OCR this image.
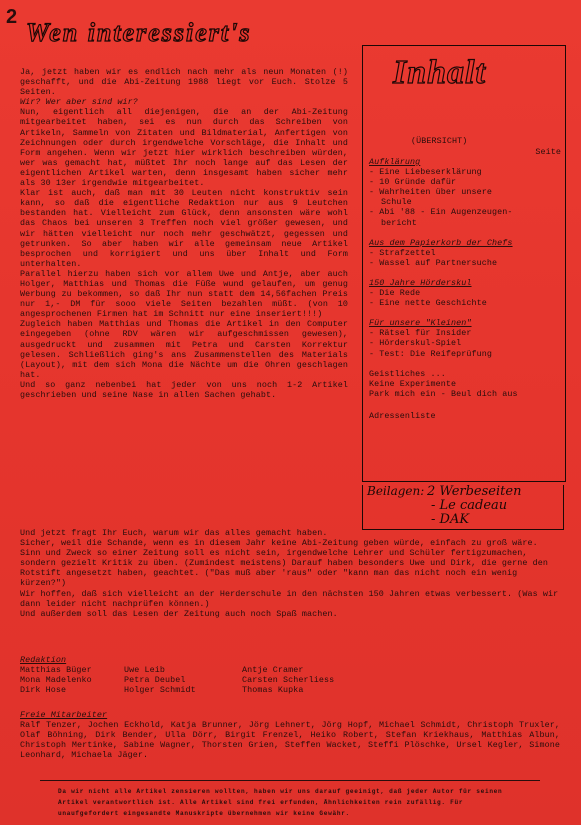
2
Wen interessiert's

Ja, jetzt haben wir es endlich nach mehr als neun Monaten (!) geschafft, und die Abi-Zeitung 1988 liegt vor Euch. Stolze 5 Seiten.

Wir? Wer aber sind wir?

Nun, eigentlich all diejenigen, die an der Abi-Zeitung mitgearbeitet haben, sei es nun durch das Schreiben von Artikeln, Sammeln von Zitaten und Bildmaterial, Anfertigen von Zeichnungen oder durch irgendwelche Vorschläge, die Inhalt und Form angehen. Wenn wir jetzt hier wirklich beschreiben würden, wer was gemacht hat, müßtet Ihr noch lange auf das Lesen der eigentlichen Artikel warten, denn insgesamt haben sicher mehr als 30 13er irgendwie mitgearbeitet.

Klar ist auch, daß man mit 30 Leuten nicht konstruktiv sein kann, so daß die eigentliche Redaktion nur aus 9 Leutchen bestanden hat. Vielleicht zum Glück, denn ansonsten wäre wohl das Chaos bei unseren 3 Treffen noch viel größer gewesen, und wir hätten vielleicht nur noch mehr geschwätzt, gegessen und getrunken. So aber haben wir alle gemeinsam neue Artikel besprochen und korrigiert und uns über Inhalt und Form unterhalten.

Parallel hierzu haben sich vor allem Uwe und Antje, aber auch Holger, Matthias und Thomas die Füße wund gelaufen, um genug Werbung zu bekommen, so daß Ihr nun statt dem 14,56fachen Preis nur 1,- DM für sooo viele Seiten bezahlen müßt. (von 10 angesprochenen Firmen hat im Schnitt nur eine inseriert!!!)

Zugleich haben Matthias und Thomas die Artikel in den Computer eingegeben (ohne RDV wären wir aufgeschmissen gewesen), ausgedruckt und zusammen mit Petra und Carsten Korrektur gelesen. Schließlich ging's ans Zusammenstellen des Materials (Layout), mit dem sich Mona die Nächte um die Ohren geschlagen hat.

Und so ganz nebenbei hat jeder von uns noch 1-2 Artikel geschrieben und seine Nase in allen Sachen gehabt.

Inhalt
(ÜBERSICHT)
Seite
Aufklärung
- Eine Liebeserklärung
- 10 Gründe dafür
- Wahrheiten über unsere
Schule
- Abi '88 - Ein Augenzeugen-
bericht
Aus dem Papierkorb der Chefs
- Strafzettel
- Wassel auf Partnersuche
150 Jahre Hörderskul
- Die Rede
- Eine nette Geschichte
Für unsere "Kleinen"
- Rätsel für Insider
- Hörderskul-Spiel
- Test: Die Reifeprüfung
Geistliches ...
Keine Experimente
Park mich ein - Beul dich aus
Adressenliste
Beilagen: 2 Werbeseiten
- Le cadeau
- DAK

Und jetzt fragt Ihr Euch, warum wir das alles gemacht haben.

Sicher, weil die Schande, wenn es in diesem Jahr keine Abi-Zeitung geben würde, einfach zu groß wäre.

Sinn und Zweck so einer Zeitung soll es nicht sein, irgendwelche Lehrer und Schüler fertigzumachen, sondern gezielt Kritik zu üben. (Zumindest meistens) Darauf haben besonders Uwe und Dirk, die gerne den Rotstift angesetzt haben, geachtet. ("Das muß aber 'raus" oder "kann man das nicht noch ein wenig kürzen?")

Wir hoffen, daß sich vielleicht an der Herderschule in den nächsten 150 Jahren etwas verbessert. (Was wir dann leider nicht nachprüfen können.)

Und außerdem soll das Lesen der Zeitung auch noch Spaß machen.

Redaktion
Matthias Büger	Uwe Leib	Antje Cramer
Mona Madelenko	Petra Deubel	Carsten Scherliess
Dirk Hose	Holger Schmidt	Thomas Kupka
Freie Mitarbeiter
Ralf Tenzer, Jochen Eckhold, Katja Brunner, Jörg Lehnert, Jörg Hopf, Michael Schmidt, Christoph Truxler, Olaf Böhning, Dirk Bender, Ulla Dörr, Birgit Frenzel, Heiko Robert, Stefan Kriekhaus, Matthias Albun, Christoph Mertinke, Sabine Wagner, Thorsten Grien, Steffen Wacket, Steffi Plöschke, Ursel Kegler, Simone Leonhard, Michaela Jäger.
Da wir nicht alle Artikel zensieren wollten, haben wir uns darauf geeinigt, daß jeder Autor für seinen Artikel verantwortlich ist. Alle Artikel sind frei erfunden, Ähnlichkeiten rein zufällig. Für unaufgefordert eingesandte Manuskripte übernehmen wir keine Gewähr.
